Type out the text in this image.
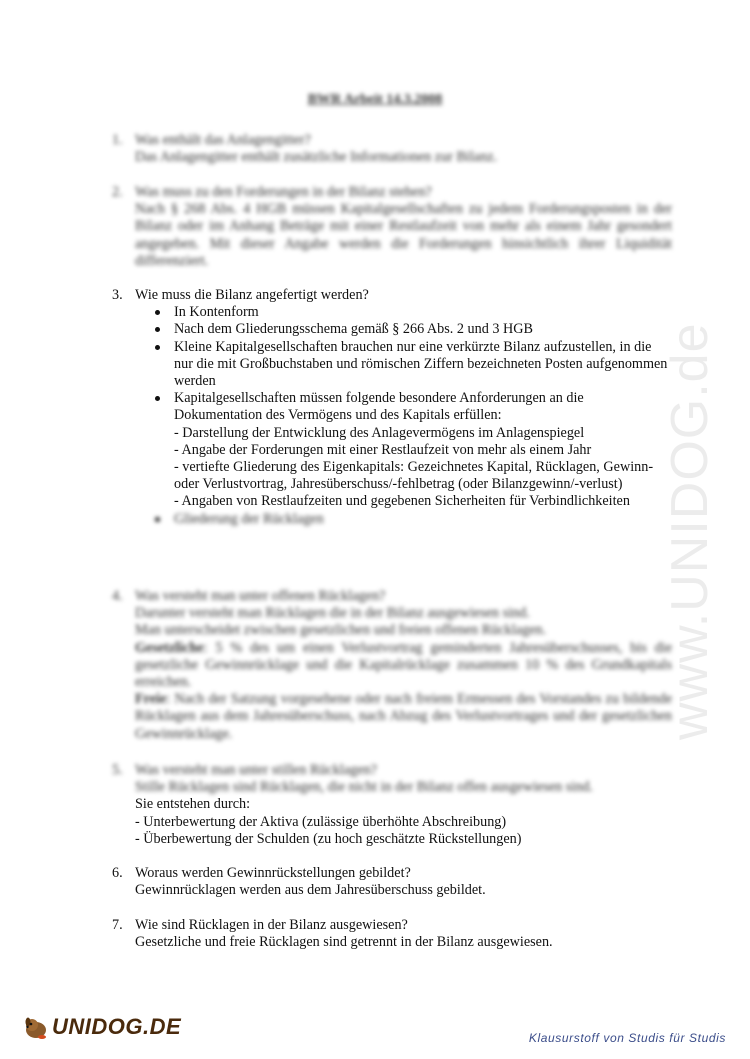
BWR Arbeit 14.3.2008
1. Was enthält das Anlagengitter?
Das Anlagengitter enthält zusätzliche Informationen zur Bilanz.
2. Was muss zu den Forderungen in der Bilanz stehen?
Nach § 268 Abs. 4 HGB müssen Kapitalgesellschaften zu jedem Forderungsposten in der Bilanz oder im Anhang Beträge mit einer Restlaufzeit von mehr als einem Jahr gesondert angegeben. Mit dieser Angabe werden die Forderungen hinsichtlich ihrer Liquidität differenziert.
3. Wie muss die Bilanz angefertigt werden?
In Kontenform
Nach dem Gliederungsschema gemäß § 266 Abs. 2 und 3 HGB
Kleine Kapitalgesellschaften brauchen nur eine verkürzte Bilanz aufzustellen, in die nur die mit Großbuchstaben und römischen Ziffern bezeichneten Posten aufgenommen werden
Kapitalgesellschaften müssen folgende besondere Anforderungen an die Dokumentation des Vermögens und des Kapitals erfüllen:
- Darstellung der Entwicklung des Anlagevermögens im Anlagenspiegel
- Angabe der Forderungen mit einer Restlaufzeit von mehr als einem Jahr
- vertiefte Gliederung des Eigenkapitals: Gezeichnetes Kapital, Rücklagen, Gewinn- oder Verlustvortrag, Jahresüberschuss/-fehlbetrag (oder Bilanzgewinn/-verlust)
- Angaben von Restlaufzeiten und gegebenen Sicherheiten für Verbindlichkeiten
Gliederung der Rücklagen
4. Was versteht man unter offenen Rücklagen?
Darunter versteht man Rücklagen die in der Bilanz ausgewiesen sind.
Man unterscheidet zwischen gesetzlichen und freien offenen Rücklagen.
Gesetzliche: 5 % des um einen Verlustvortrag geminderten Jahresüberschusses, bis die gesetzliche Gewinnrücklage und die Kapitalrücklage zusammen 10 % des Grundkapitals erreichen.
Freie: Nach der Satzung vorgesehene oder nach freiem Ermessen des Vorstandes zu bildende Rücklagen aus dem Jahresüberschuss, nach Abzug des Verlustvortrages und der gesetzlichen Gewinnrücklage.
5. Was versteht man unter stillen Rücklagen?
Stille Rücklagen sind Rücklagen, die nicht in der Bilanz offen ausgewiesen sind.
Sie entstehen durch:
- Unterbewertung der Aktiva (zulässige überhöhte Abschreibung)
- Überbewertung der Schulden (zu hoch geschätzte Rückstellungen)
6. Woraus werden Gewinnrückstellungen gebildet?
Gewinnrücklagen werden aus dem Jahresüberschuss gebildet.
7. Wie sind Rücklagen in der Bilanz ausgewiesen?
Gesetzliche und freie Rücklagen sind getrennt in der Bilanz ausgewiesen.
www.UNIDOG.de
UNIDOG.DE	Klausurstoff von Studis für Studis
